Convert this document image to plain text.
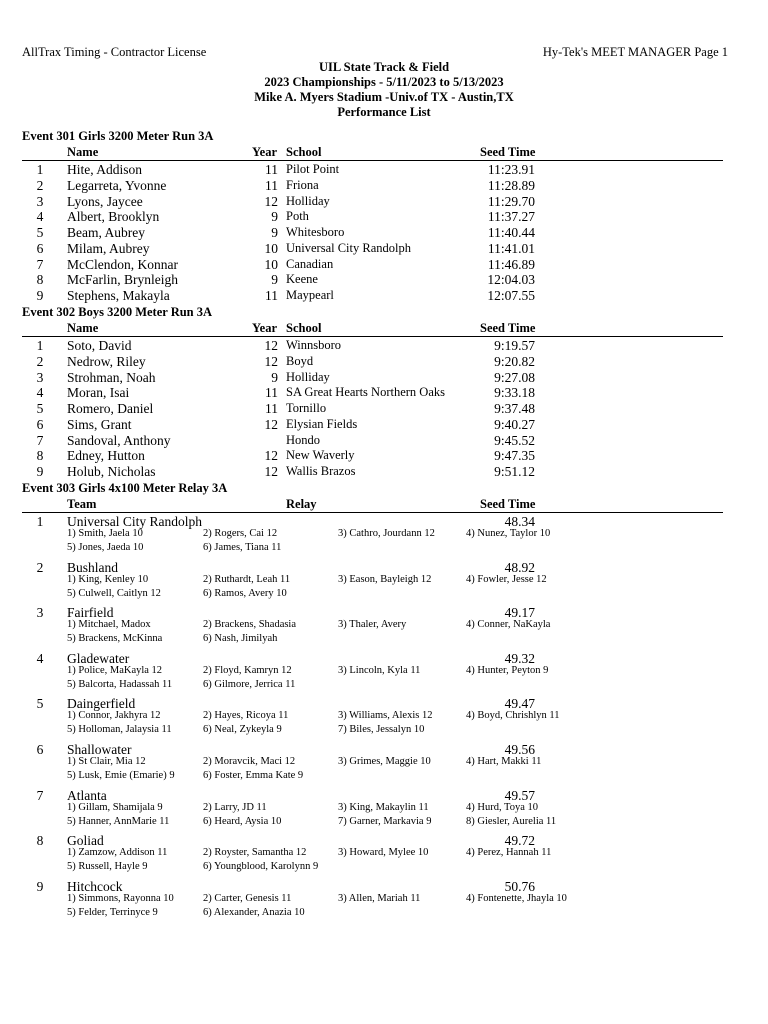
AllTrax Timing - Contractor License	Hy-Tek's MEET MANAGER Page 1
UIL State Track & Field
2023 Championships - 5/11/2023 to 5/13/2023
Mike A. Myers Stadium -Univ.of TX - Austin,TX
Performance List
Event 301 Girls 3200 Meter Run 3A
Name	Year School	Seed Time
1	Hite, Addison	11 Pilot Point	11:23.91
2	Legarreta, Yvonne	11 Friona	11:28.89
3	Lyons, Jaycee	12 Holliday	11:29.70
4	Albert, Brooklyn	9 Poth	11:37.27
5	Beam, Aubrey	9 Whitesboro	11:40.44
6	Milam, Aubrey	10 Universal City Randolph	11:41.01
7	McClendon, Konnar	10 Canadian	11:46.89
8	McFarlin, Brynleigh	9 Keene	12:04.03
9	Stephens, Makayla	11 Maypearl	12:07.55
Event 302 Boys 3200 Meter Run 3A
Name	Year School	Seed Time
1	Soto, David	12 Winnsboro	9:19.57
2	Nedrow, Riley	12 Boyd	9:20.82
3	Strohman, Noah	9 Holliday	9:27.08
4	Moran, Isai	11 SA Great Hearts Northern Oaks	9:33.18
5	Romero, Daniel	11 Tornillo	9:37.48
6	Sims, Grant	12 Elysian Fields	9:40.27
7	Sandoval, Anthony	Hondo	9:45.52
8	Edney, Hutton	12 New Waverly	9:47.35
9	Holub, Nicholas	12 Wallis Brazos	9:51.12
Event 303 Girls 4x100 Meter Relay 3A
Team	Relay	Seed Time
1	Universal City Randolph	48.34
1) Smith, Jaela 10	2) Rogers, Cai 12	3) Cathro, Jourdann 12	4) Nunez, Taylor 10
5) Jones, Jaeda 10	6) James, Tiana 11
2	Bushland	48.92
1) King, Kenley 10	2) Ruthardt, Leah 11	3) Eason, Bayleigh 12	4) Fowler, Jesse 12
5) Culwell, Caitlyn 12	6) Ramos, Avery 10
3	Fairfield	49.17
1) Mitchael, Madox	2) Brackens, Shadasia	3) Thaler, Avery	4) Conner, NaKayla
5) Brackens, McKinna	6) Nash, Jimilyah
4	Gladewater	49.32
1) Police, MaKayla 12	2) Floyd, Kamryn 12	3) Lincoln, Kyla 11	4) Hunter, Peyton 9
5) Balcorta, Hadassah 11	6) Gilmore, Jerrica 11
5	Daingerfield	49.47
1) Connor, Jakhyra 12	2) Hayes, Ricoya 11	3) Williams, Alexis 12	4) Boyd, Chrishlyn 11
5) Holloman, Jalaysia 11	6) Neal, Zykeyla 9	7) Biles, Jessalyn 10
6	Shallowater	49.56
1) St Clair, Mia 12	2) Moravcik, Maci 12	3) Grimes, Maggie 10	4) Hart, Makki 11
5) Lusk, Emie (Emarie) 9	6) Foster, Emma Kate 9
7	Atlanta	49.57
1) Gillam, Shamijala 9	2) Larry, JD 11	3) King, Makaylin 11	4) Hurd, Toya 10
5) Hanner, AnnMarie 11	6) Heard, Aysia 10	7) Garner, Markavia 9	8) Giesler, Aurelia 11
8	Goliad	49.72
1) Zamzow, Addison 11	2) Royster, Samantha 12	3) Howard, Mylee 10	4) Perez, Hannah 11
5) Russell, Hayle 9	6) Youngblood, Karolynn 9
9	Hitchcock	50.76
1) Simmons, Rayonna 10	2) Carter, Genesis 11	3) Allen, Mariah 11	4) Fontenette, Jhayla 10
5) Felder, Terrinyce 9	6) Alexander, Anazia 10
